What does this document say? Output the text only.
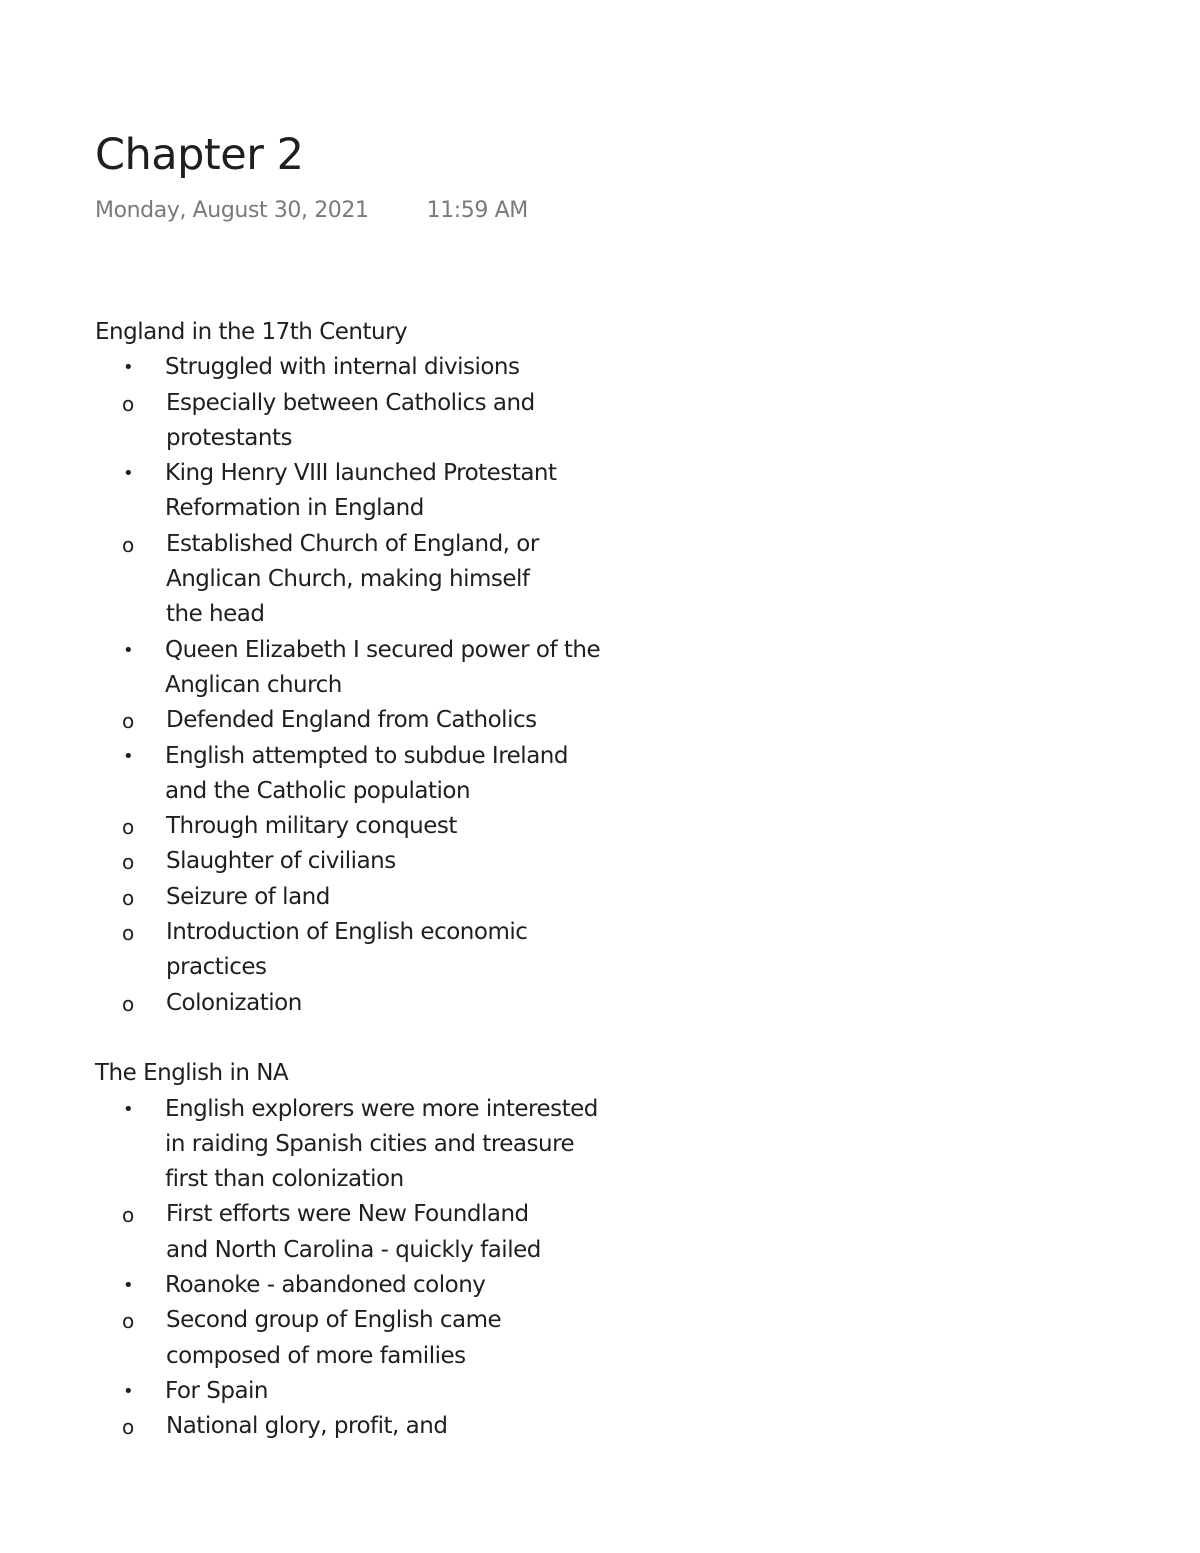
Chapter 2
Monday, August 30, 2021	11:59 AM
England in the 17th Century
• Struggled with internal divisions
o Especially between Catholics and
protestants
• King Henry VIII launched Protestant
Reformation in England
o Established Church of England, or
Anglican Church, making himself
the head
• Queen Elizabeth I secured power of the
Anglican church
o Defended England from Catholics
• English attempted to subdue Ireland
and the Catholic population
o Through military conquest
o Slaughter of civilians
o Seizure of land
o Introduction of English economic
practices
o Colonization
The English in NA
• English explorers were more interested
in raiding Spanish cities and treasure
first than colonization
o First efforts were New Foundland
and North Carolina - quickly failed
• Roanoke - abandoned colony
o Second group of English came
composed of more families
• For Spain
o National glory, profit, and
